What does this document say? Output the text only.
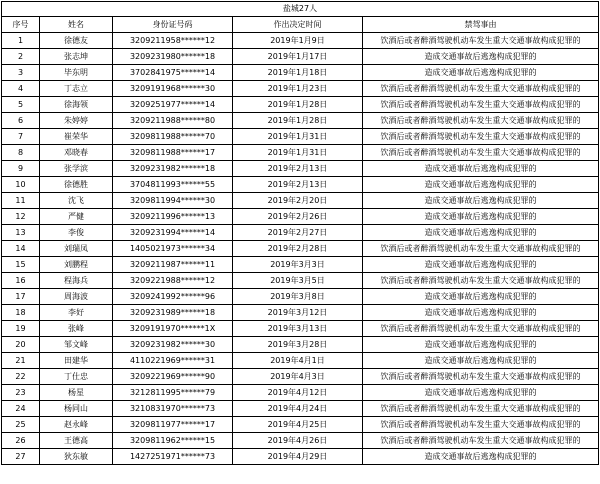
盐城27人				
序号	姓名	身份证号码	作出决定时间	禁驾事由
1	徐德友	3209211958******12	2019年1月9日	饮酒后或者醉酒驾驶机动车发生重大交通事故构成犯罪的
2	张志坤	3209231980******18	2019年1月17日	造成交通事故后逃逸构成犯罪的
3	毕东明	3702841975******14	2019年1月18日	造成交通事故后逃逸构成犯罪的
4	丁志立	3209191968******30	2019年1月23日	饮酒后或者醉酒驾驶机动车发生重大交通事故构成犯罪的
5	徐海领	3209251977******14	2019年1月28日	饮酒后或者醉酒驾驶机动车发生重大交通事故构成犯罪的
6	朱婷婷	3209211988******80	2019年1月28日	饮酒后或者醉酒驾驶机动车发生重大交通事故构成犯罪的
7	崔荣华	3209811988******70	2019年1月31日	饮酒后或者醉酒驾驶机动车发生重大交通事故构成犯罪的
8	邓晓春	3209811988******17	2019年1月31日	饮酒后或者醉酒驾驶机动车发生重大交通事故构成犯罪的
9	张学滨	3209231982******18	2019年2月13日	造成交通事故后逃逸构成犯罪的
10	徐德胜	3704811993******55	2019年2月13日	造成交通事故后逃逸构成犯罪的
11	沈飞	3209811994******30	2019年2月20日	造成交通事故后逃逸构成犯罪的
12	严健	3209211996******13	2019年2月26日	造成交通事故后逃逸构成犯罪的
13	李俊	3209231994******14	2019年2月27日	造成交通事故后逃逸构成犯罪的
14	刘瑞凤	1405021973******34	2019年2月28日	饮酒后或者醉酒驾驶机动车发生重大交通事故构成犯罪的
15	刘鹏程	3209211987******11	2019年3月3日	造成交通事故后逃逸构成犯罪的
16	程海兵	3209221988******12	2019年3月5日	饮酒后或者醉酒驾驶机动车发生重大交通事故构成犯罪的
17	周海波	3209241992******96	2019年3月8日	造成交通事故后逃逸构成犯罪的
18	李好	3209231989******18	2019年3月12日	造成交通事故后逃逸构成犯罪的
19	张峰	3209191970******1X	2019年3月13日	饮酒后或者醉酒驾驶机动车发生重大交通事故构成犯罪的
20	邹文峰	3209231982******30	2019年3月28日	造成交通事故后逃逸构成犯罪的
21	田建华	4110221969******31	2019年4月1日	造成交通事故后逃逸构成犯罪的
22	丁仕忠	3209221969******90	2019年4月3日	饮酒后或者醉酒驾驶机动车发生重大交通事故构成犯罪的
23	杨星	3212811995******79	2019年4月12日	造成交通事故后逃逸构成犯罪的
24	杨同山	3210831970******73	2019年4月24日	饮酒后或者醉酒驾驶机动车发生重大交通事故构成犯罪的
25	赵永峰	3209811977******17	2019年4月25日	饮酒后或者醉酒驾驶机动车发生重大交通事故构成犯罪的
26	王德高	3209811962******15	2019年4月26日	饮酒后或者醉酒驾驶机动车发生重大交通事故构成犯罪的
27	狄东敏	1427251971******73	2019年4月29日	造成交通事故后逃逸构成犯罪的
